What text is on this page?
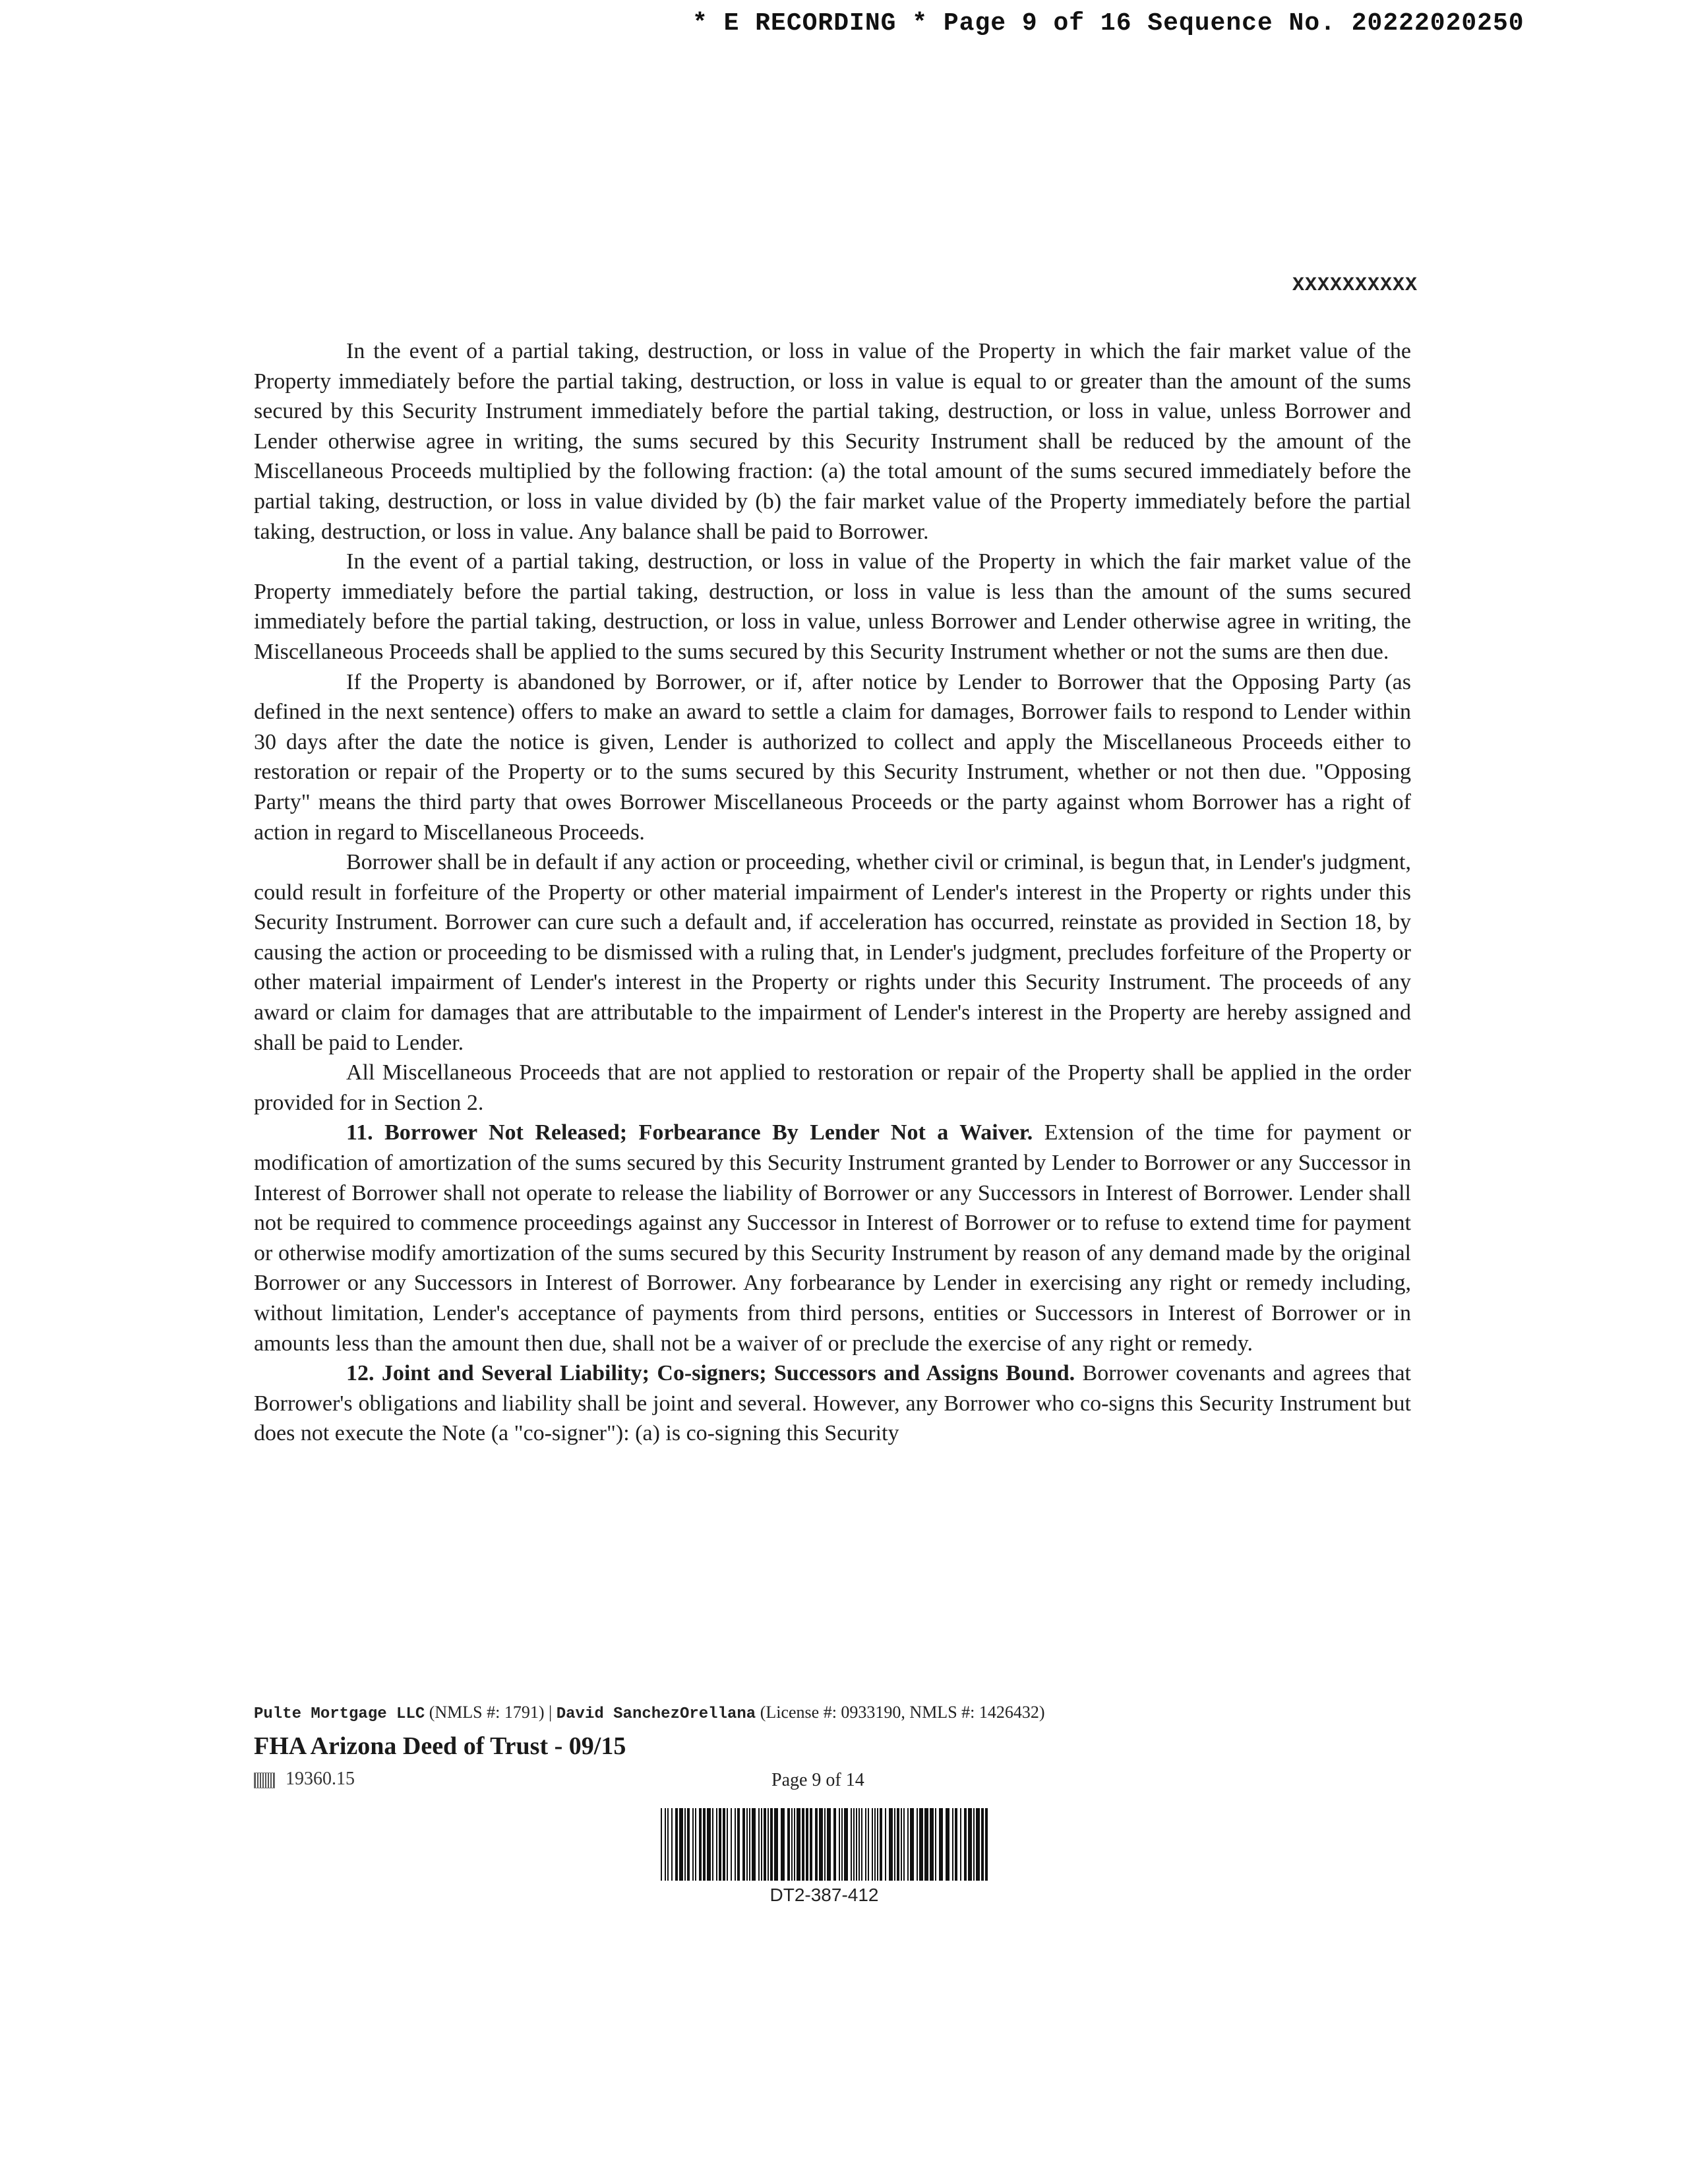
* E RECORDING * Page 9 of 16 Sequence No. 20222020250
XXXXXXXXXX

In the event of a partial taking, destruction, or loss in value of the Property in which the fair market value of the Property immediately before the partial taking, destruction, or loss in value is equal to or greater than the amount of the sums secured by this Security Instrument immediately before the partial taking, destruction, or loss in value, unless Borrower and Lender otherwise agree in writing, the sums secured by this Security Instrument shall be reduced by the amount of the Miscellaneous Proceeds multiplied by the following fraction: (a) the total amount of the sums secured immediately before the partial taking, destruction, or loss in value divided by (b) the fair market value of the Property immediately before the partial taking, destruction, or loss in value. Any balance shall be paid to Borrower.

In the event of a partial taking, destruction, or loss in value of the Property in which the fair market value of the Property immediately before the partial taking, destruction, or loss in value is less than the amount of the sums secured immediately before the partial taking, destruction, or loss in value, unless Borrower and Lender otherwise agree in writing, the Miscellaneous Proceeds shall be applied to the sums secured by this Security Instrument whether or not the sums are then due.

If the Property is abandoned by Borrower, or if, after notice by Lender to Borrower that the Opposing Party (as defined in the next sentence) offers to make an award to settle a claim for damages, Borrower fails to respond to Lender within 30 days after the date the notice is given, Lender is authorized to collect and apply the Miscellaneous Proceeds either to restoration or repair of the Property or to the sums secured by this Security Instrument, whether or not then due. "Opposing Party" means the third party that owes Borrower Miscellaneous Proceeds or the party against whom Borrower has a right of action in regard to Miscellaneous Proceeds.

Borrower shall be in default if any action or proceeding, whether civil or criminal, is begun that, in Lender's judgment, could result in forfeiture of the Property or other material impairment of Lender's interest in the Property or rights under this Security Instrument. Borrower can cure such a default and, if acceleration has occurred, reinstate as provided in Section 18, by causing the action or proceeding to be dismissed with a ruling that, in Lender's judgment, precludes forfeiture of the Property or other material impairment of Lender's interest in the Property or rights under this Security Instrument. The proceeds of any award or claim for damages that are attributable to the impairment of Lender's interest in the Property are hereby assigned and shall be paid to Lender.

All Miscellaneous Proceeds that are not applied to restoration or repair of the Property shall be applied in the order provided for in Section 2.

11. Borrower Not Released; Forbearance By Lender Not a Waiver. Extension of the time for payment or modification of amortization of the sums secured by this Security Instrument granted by Lender to Borrower or any Successor in Interest of Borrower shall not operate to release the liability of Borrower or any Successors in Interest of Borrower. Lender shall not be required to commence proceedings against any Successor in Interest of Borrower or to refuse to extend time for payment or otherwise modify amortization of the sums secured by this Security Instrument by reason of any demand made by the original Borrower or any Successors in Interest of Borrower. Any forbearance by Lender in exercising any right or remedy including, without limitation, Lender's acceptance of payments from third persons, entities or Successors in Interest of Borrower or in amounts less than the amount then due, shall not be a waiver of or preclude the exercise of any right or remedy.

12. Joint and Several Liability; Co-signers; Successors and Assigns Bound. Borrower covenants and agrees that Borrower's obligations and liability shall be joint and several. However, any Borrower who co-signs this Security Instrument but does not execute the Note (a "co-signer"): (a) is co-signing this Security

Pulte Mortgage LLC (NMLS #: 1791) | David SanchezOrellana (License #: 0933190, NMLS #: 1426432)
FHA Arizona Deed of Trust - 09/15
19360.15	Page 9 of 14
DT2-387-412
